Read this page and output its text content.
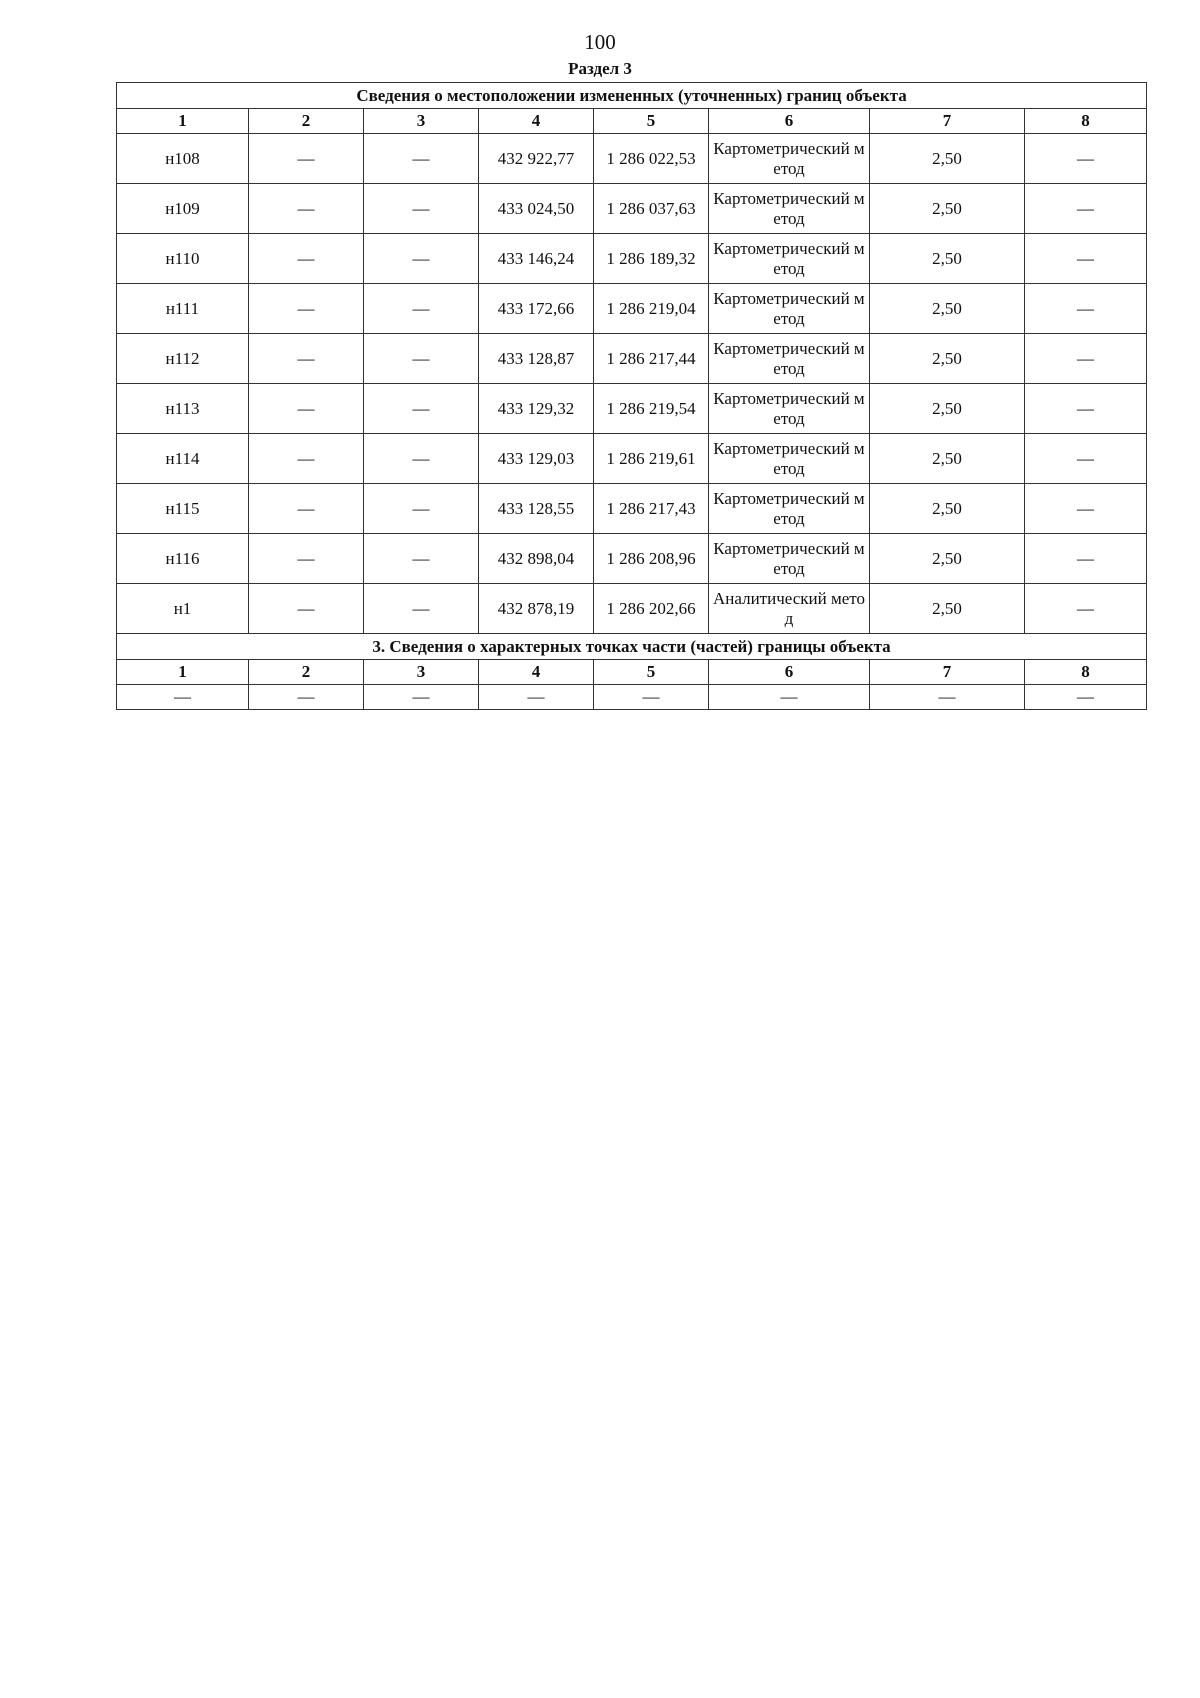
100
Раздел 3
Сведения о местоположении измененных (уточненных) границ объекта							
1	2	3	4	5	6	7	8
н108	—	—	432 922,77	1 286 022,53	Картометрический метод	2,50	—
н109	—	—	433 024,50	1 286 037,63	Картометрический метод	2,50	—
н110	—	—	433 146,24	1 286 189,32	Картометрический метод	2,50	—
н111	—	—	433 172,66	1 286 219,04	Картометрический метод	2,50	—
н112	—	—	433 128,87	1 286 217,44	Картометрический метод	2,50	—
н113	—	—	433 129,32	1 286 219,54	Картометрический метод	2,50	—
н114	—	—	433 129,03	1 286 219,61	Картометрический метод	2,50	—
н115	—	—	433 128,55	1 286 217,43	Картометрический метод	2,50	—
н116	—	—	432 898,04	1 286 208,96	Картометрический метод	2,50	—
н1	—	—	432 878,19	1 286 202,66	Аналитический метод	2,50	—
3. Сведения о характерных точках части (частей) границы объекта							
1	2	3	4	5	6	7	8
—	—	—	—	—	—	—	—
